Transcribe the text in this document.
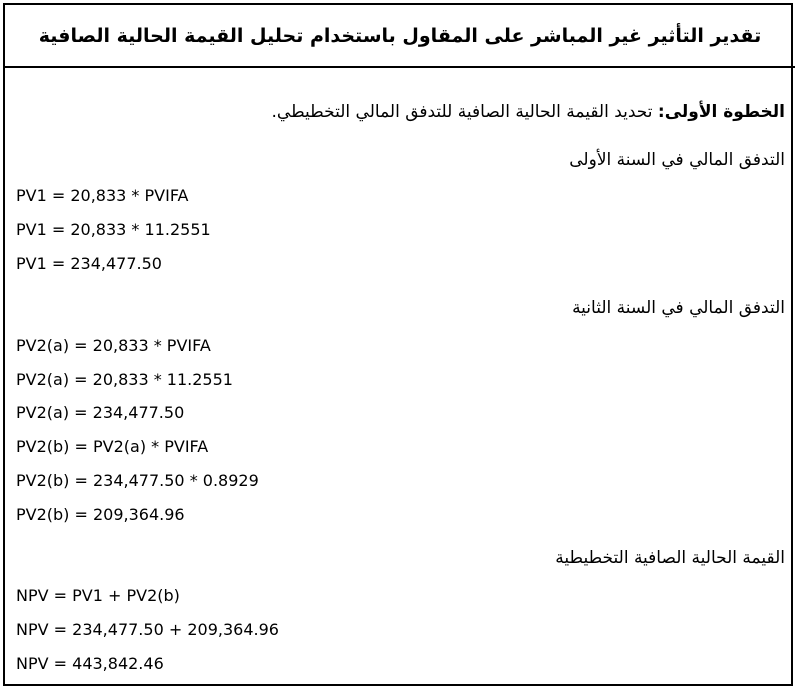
تقدير التأثير غير المباشر على المقاول باستخدام تحليل القيمة الحالية الصافية
الخطوة الأولى: تحديد القيمة الحالية الصافية للتدفق المالي التخطيطي.
التدفق المالي في السنة الأولى
PV1 = 20,833 * PVIFA
PV1 = 20,833 * 11.2551
PV1 = 234,477.50
التدفق المالي في السنة الثانية
PV2(a) = 20,833 * PVIFA
PV2(a) = 20,833 * 11.2551
PV2(a) = 234,477.50
PV2(b) = PV2(a) * PVIFA
PV2(b) = 234,477.50 * 0.8929
PV2(b) = 209,364.96
القيمة الحالية الصافية التخطيطية
NPV = PV1 + PV2(b)
NPV = 234,477.50 + 209,364.96
NPV = 443,842.46
